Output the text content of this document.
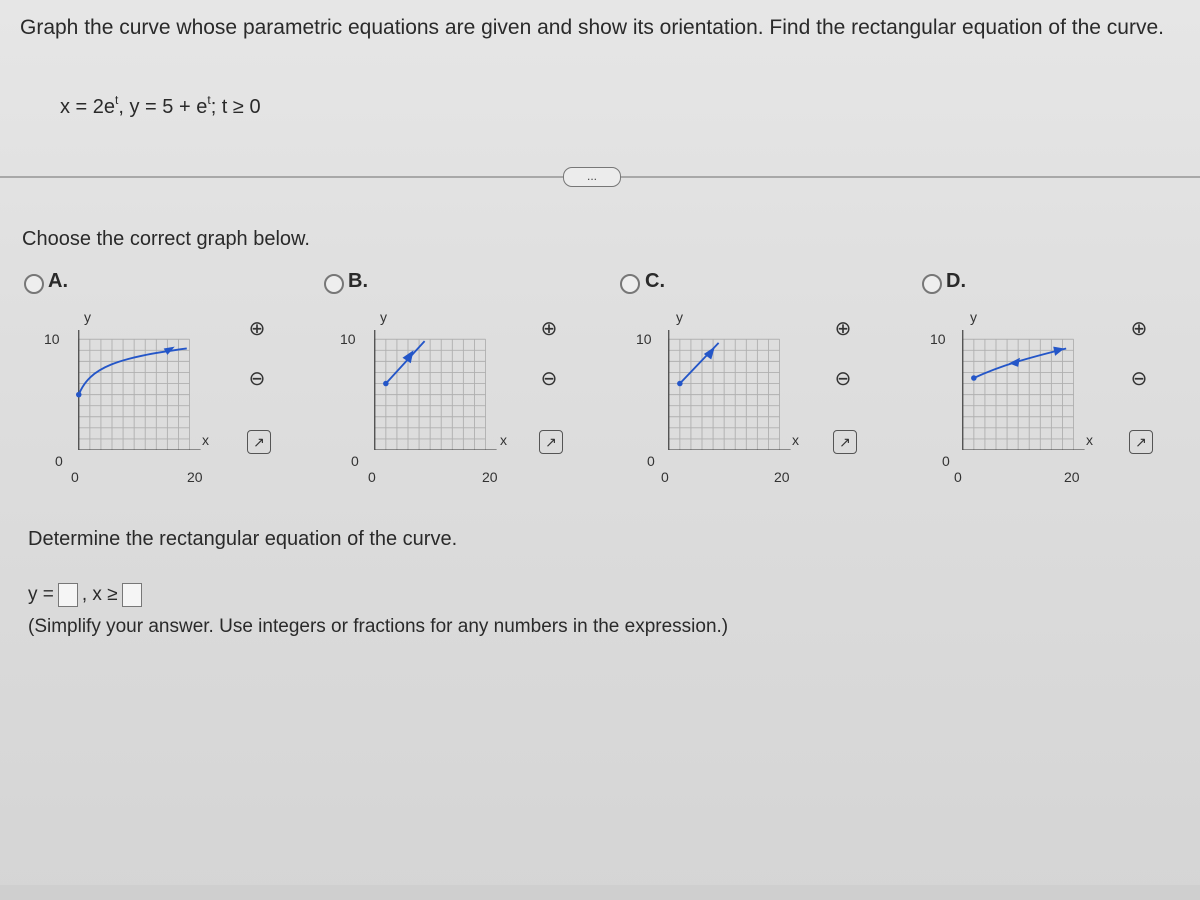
Graph the curve whose parametric equations are given and show its orientation. Find the rectangular equation of the curve.
$x = 2e^t$, $y = 5 + e^t$; t ≥ 0
...
Choose the correct graph below.
A.
10
0
0	20
y
x
⊕
⊖
↗
B.
10
0
0	20
y
x
⊕
⊖
↗
C.
10
0
0	20
y
x
⊕
⊖
↗
D.
10
0
0	20
y
x
⊕
⊖
↗
Determine the rectangular equation of the curve.
y = , x ≥
(Simplify your answer. Use integers or fractions for any numbers in the expression.)
